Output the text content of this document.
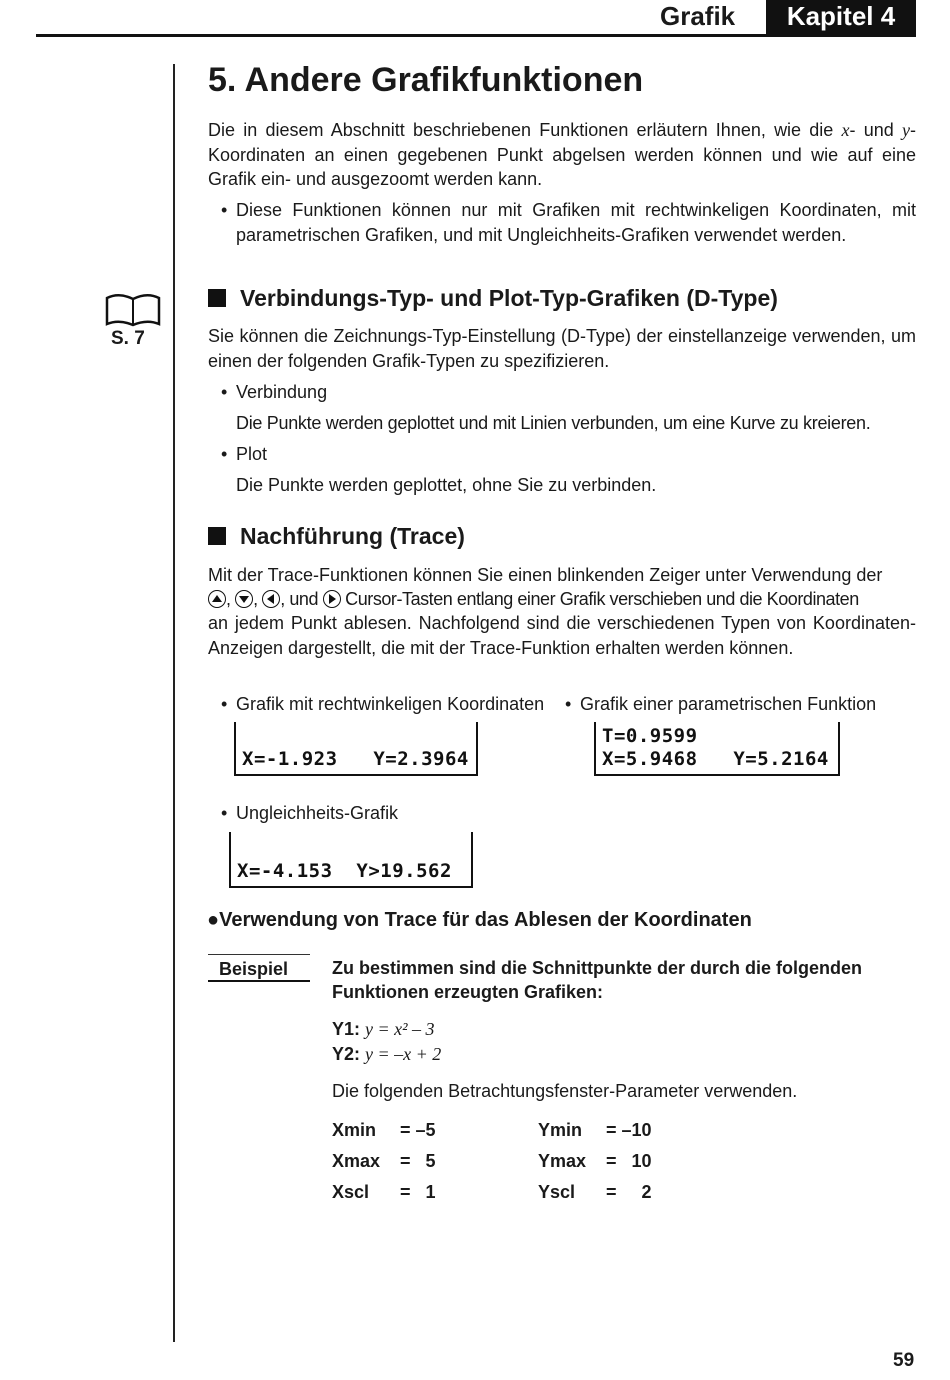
Grafik	Kapitel 4
S. 7
5. Andere Grafikfunktionen
Die in diesem Abschnitt beschriebenen Funktionen erläutern Ihnen, wie die x- und y-Koordinaten an einen gegebenen Punkt abgelsen werden können und wie auf eine Grafik ein- und ausgezoomt werden kann.
• Diese Funktionen können nur mit Grafiken mit rechtwinkeligen Koordinaten, mit parametrischen Grafiken, und mit Ungleichheits-Grafiken verwendet werden.
Verbindungs-Typ- und Plot-Typ-Grafiken (D-Type)
Sie können die Zeichnungs-Typ-Einstellung (D-Type) der einstellanzeige verwenden, um einen der folgenden Grafik-Typen zu spezifizieren.
• Verbindung
Die Punkte werden geplottet und mit Linien verbunden, um eine Kurve zu kreieren.
• Plot
Die Punkte werden geplottet, ohne Sie zu verbinden.
Nachführung (Trace)
Mit der Trace-Funktionen können Sie einen blinkenden Zeiger unter Verwendung der
, , , und Cursor-Tasten entlang einer Grafik verschieben und die Koordinaten
an jedem Punkt ablesen. Nachfolgend sind die verschiedenen Typen von Koordinaten-Anzeigen dargestellt, die mit der Trace-Funktion erhalten werden können.
• Grafik mit rechtwinkeligen Koordinaten	• Grafik einer parametrischen Funktion
X=-1.923   Y=2.3964
T=0.9599
X=5.9468   Y=5.2164
• Ungleichheits-Grafik
X=-4.153  Y>19.562
●Verwendung von Trace für das Ablesen der Koordinaten
Beispiel	Zu bestimmen sind die Schnittpunkte der durch die folgenden Funktionen erzeugten Grafiken:
Y1: y = x² – 3
Y2: y = –x + 2
Die folgenden Betrachtungsfenster-Parameter verwenden.
Xmin = –5	Ymin = –10
Xmax =   5	Ymax =   10
Xscl =   1	Yscl =     2
59
